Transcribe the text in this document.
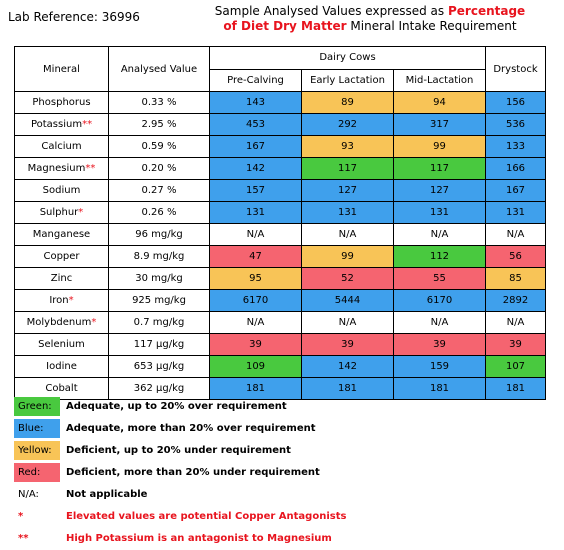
Lab Reference: 36996	Sample Analysed Values expressed as Percentage
of Diet Dry Matter Mineral Intake Requirement
Mineral	Analysed Value	Dairy Cows			Drystock
		Pre-Calving	Early Lactation	Mid-Lactation	
Phosphorus	0.33 %	143	89	94	156
Potassium**	2.95 %	453	292	317	536
Calcium	0.59 %	167	93	99	133
Magnesium**	0.20 %	142	117	117	166
Sodium	0.27 %	157	127	127	167
Sulphur*	0.26 %	131	131	131	131
Manganese	96 mg/kg	N/A	N/A	N/A	N/A
Copper	8.9 mg/kg	47	99	112	56
Zinc	30 mg/kg	95	52	55	85
Iron*	925 mg/kg	6170	5444	6170	2892
Molybdenum*	0.7 mg/kg	N/A	N/A	N/A	N/A
Selenium	117 µg/kg	39	39	39	39
Iodine	653 µg/kg	109	142	159	107
Cobalt	362 µg/kg	181	181	181	181
Green:	Adequate, up to 20% over requirement
Blue:	Adequate, more than 20% over requirement
Yellow:	Deficient, up to 20% under requirement
Red:	Deficient, more than 20% under requirement
N/A:	Not applicable
*	Elevated values are potential Copper Antagonists
**	High Potassium is an antagonist to Magnesium
